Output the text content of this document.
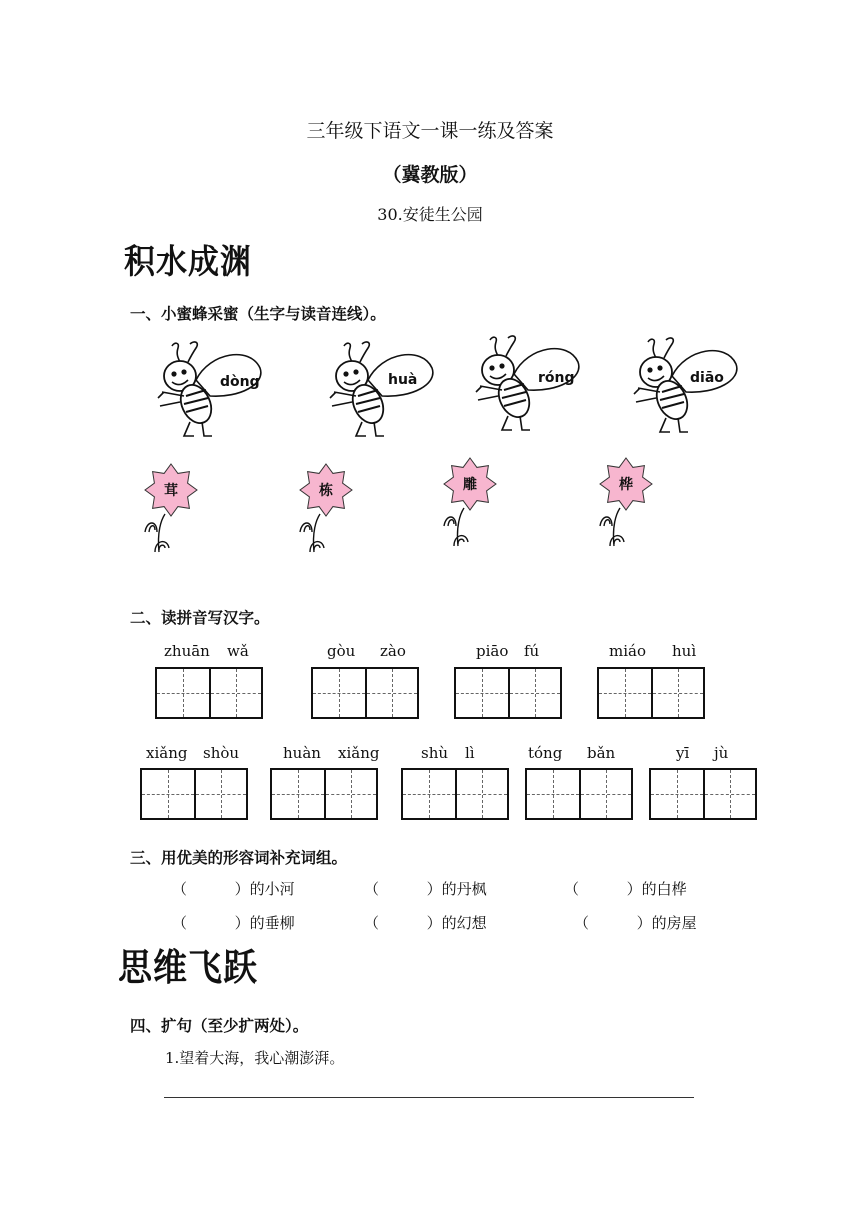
三年级下语文一课一练及答案
（冀教版）
30.安徒生公园
积水成渊
一、小蜜蜂采蜜（生字与读音连线）。
dòng	huà	róng	diāo
茸	栋	雕	桦
二、读拼音写汉字。
zhuān wǎ	gòu zào	piāo fú	miáo huì
xiǎng shòu	huàn xiǎng	shù lì	tóng bǎn	yī jù
三、用优美的形容词补充词组。
（          ）的小河	（          ）的丹枫	（          ）的白桦
（          ）的垂柳	（          ）的幻想	（          ）的房屋
思维飞跃
四、扩句（至少扩两处）。
1.望着大海，我心潮澎湃。
